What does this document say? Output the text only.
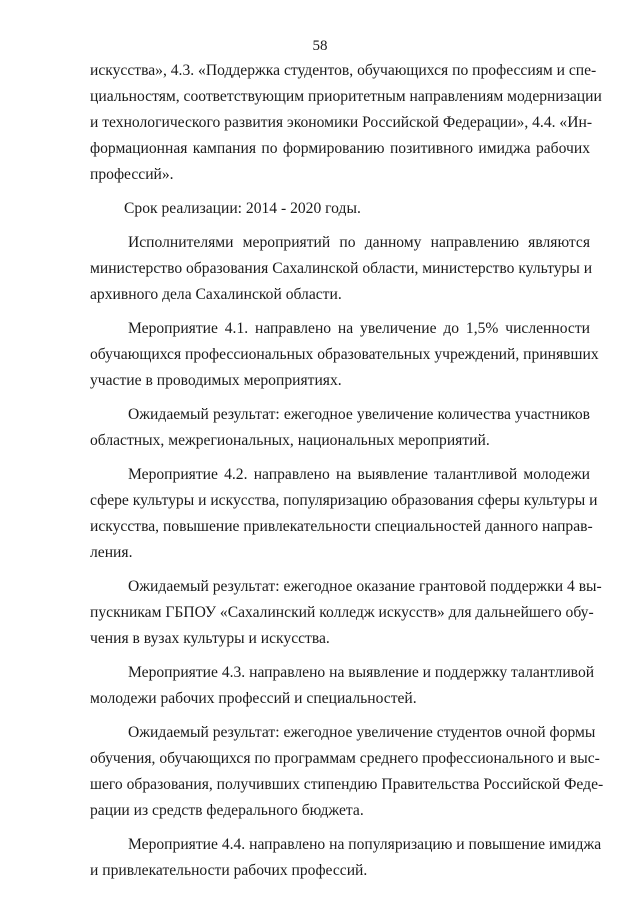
58

искусства», 4.3. «Поддержка студентов, обучающихся по профессиям и спе-
циальностям, соответствующим приоритетным направлениям модернизации
и технологического развития экономики Российской Федерации», 4.4. «Ин-
формационная кампания по формированию позитивного имиджа рабочих
профессий».

Срок реализации: 2014 - 2020 годы.

Исполнителями мероприятий по данному направлению являются
министерство образования Сахалинской области, министерство культуры и
архивного дела Сахалинской области.

Мероприятие 4.1. направлено на увеличение до 1,5% численности
обучающихся профессиональных образовательных учреждений, принявших
участие в проводимых мероприятиях.

Ожидаемый результат: ежегодное увеличение количества участников
областных, межрегиональных, национальных мероприятий.

Мероприятие 4.2. направлено на выявление талантливой молодежи
сфере культуры и искусства, популяризацию образования сферы культуры и
искусства, повышение привлекательности специальностей данного направ-
ления.

Ожидаемый результат: ежегодное оказание грантовой поддержки 4 вы-
пускникам ГБПОУ «Сахалинский колледж искусств» для дальнейшего обу-
чения в вузах культуры и искусства.

Мероприятие 4.3. направлено на выявление и поддержку талантливой
молодежи рабочих профессий и специальностей.

Ожидаемый результат: ежегодное увеличение студентов очной формы
обучения, обучающихся по программам среднего профессионального и выс-
шего образования, получивших стипендию Правительства Российской Феде-
рации из средств федерального бюджета.

Мероприятие 4.4. направлено на популяризацию и повышение имиджа
и привлекательности рабочих профессий.
